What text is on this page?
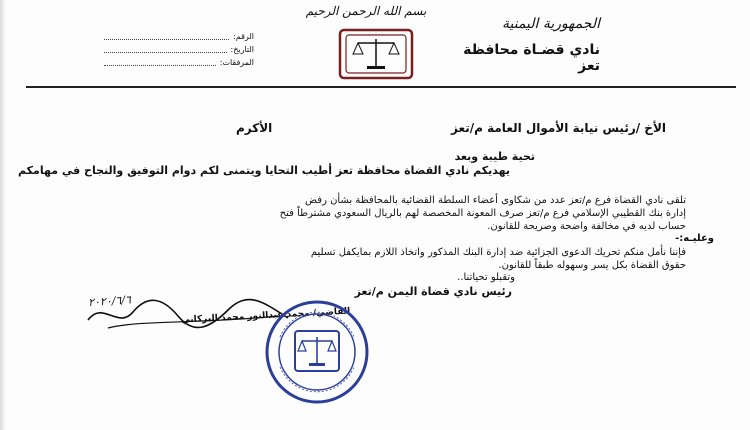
الجمهورية اليمنية
نادي قضـاة محافظة تعز
بسم الله الرحمن الرحيم
الرقم:
التاريخ:
المرفقات:
الأخ /رئيس نيابة الأموال العامة م/تعز
الأكرم
تحية طيبة وبعد
يهديكم نادي القضاة محافظة تعز أطيب التحايا ويتمنى لكم دوام التوفيق والنجاح في مهامكم
تلقى نادي القضاة فرع م/تعز عدد من شكاوى أعضاء السلطة القضائية بالمحافظة بشأن رفض
إدارة بنك القطيبي الإسلامي فرع م/تعز صرف المعونة المخصصة لهم بالريال السعودي مشترطاً فتح
حساب لديه في مخالفة واضحة وصريحة للقانون.
وعليـه:-
فإننا نأمل منكم تحريك الدعوى الجزائية ضد إدارة البنك المذكور واتخاذ اللازم بمايكفل تسليم
حقوق القضاة بكل يسر وسهوله طبقاً للقانون.
وتقبلو تحياتنا..
رئيس نادي قضاة اليمن م/تعز
٢٠٢٠/٦/٦
القاضي/ محمد عبدالنور محمد البركاني
